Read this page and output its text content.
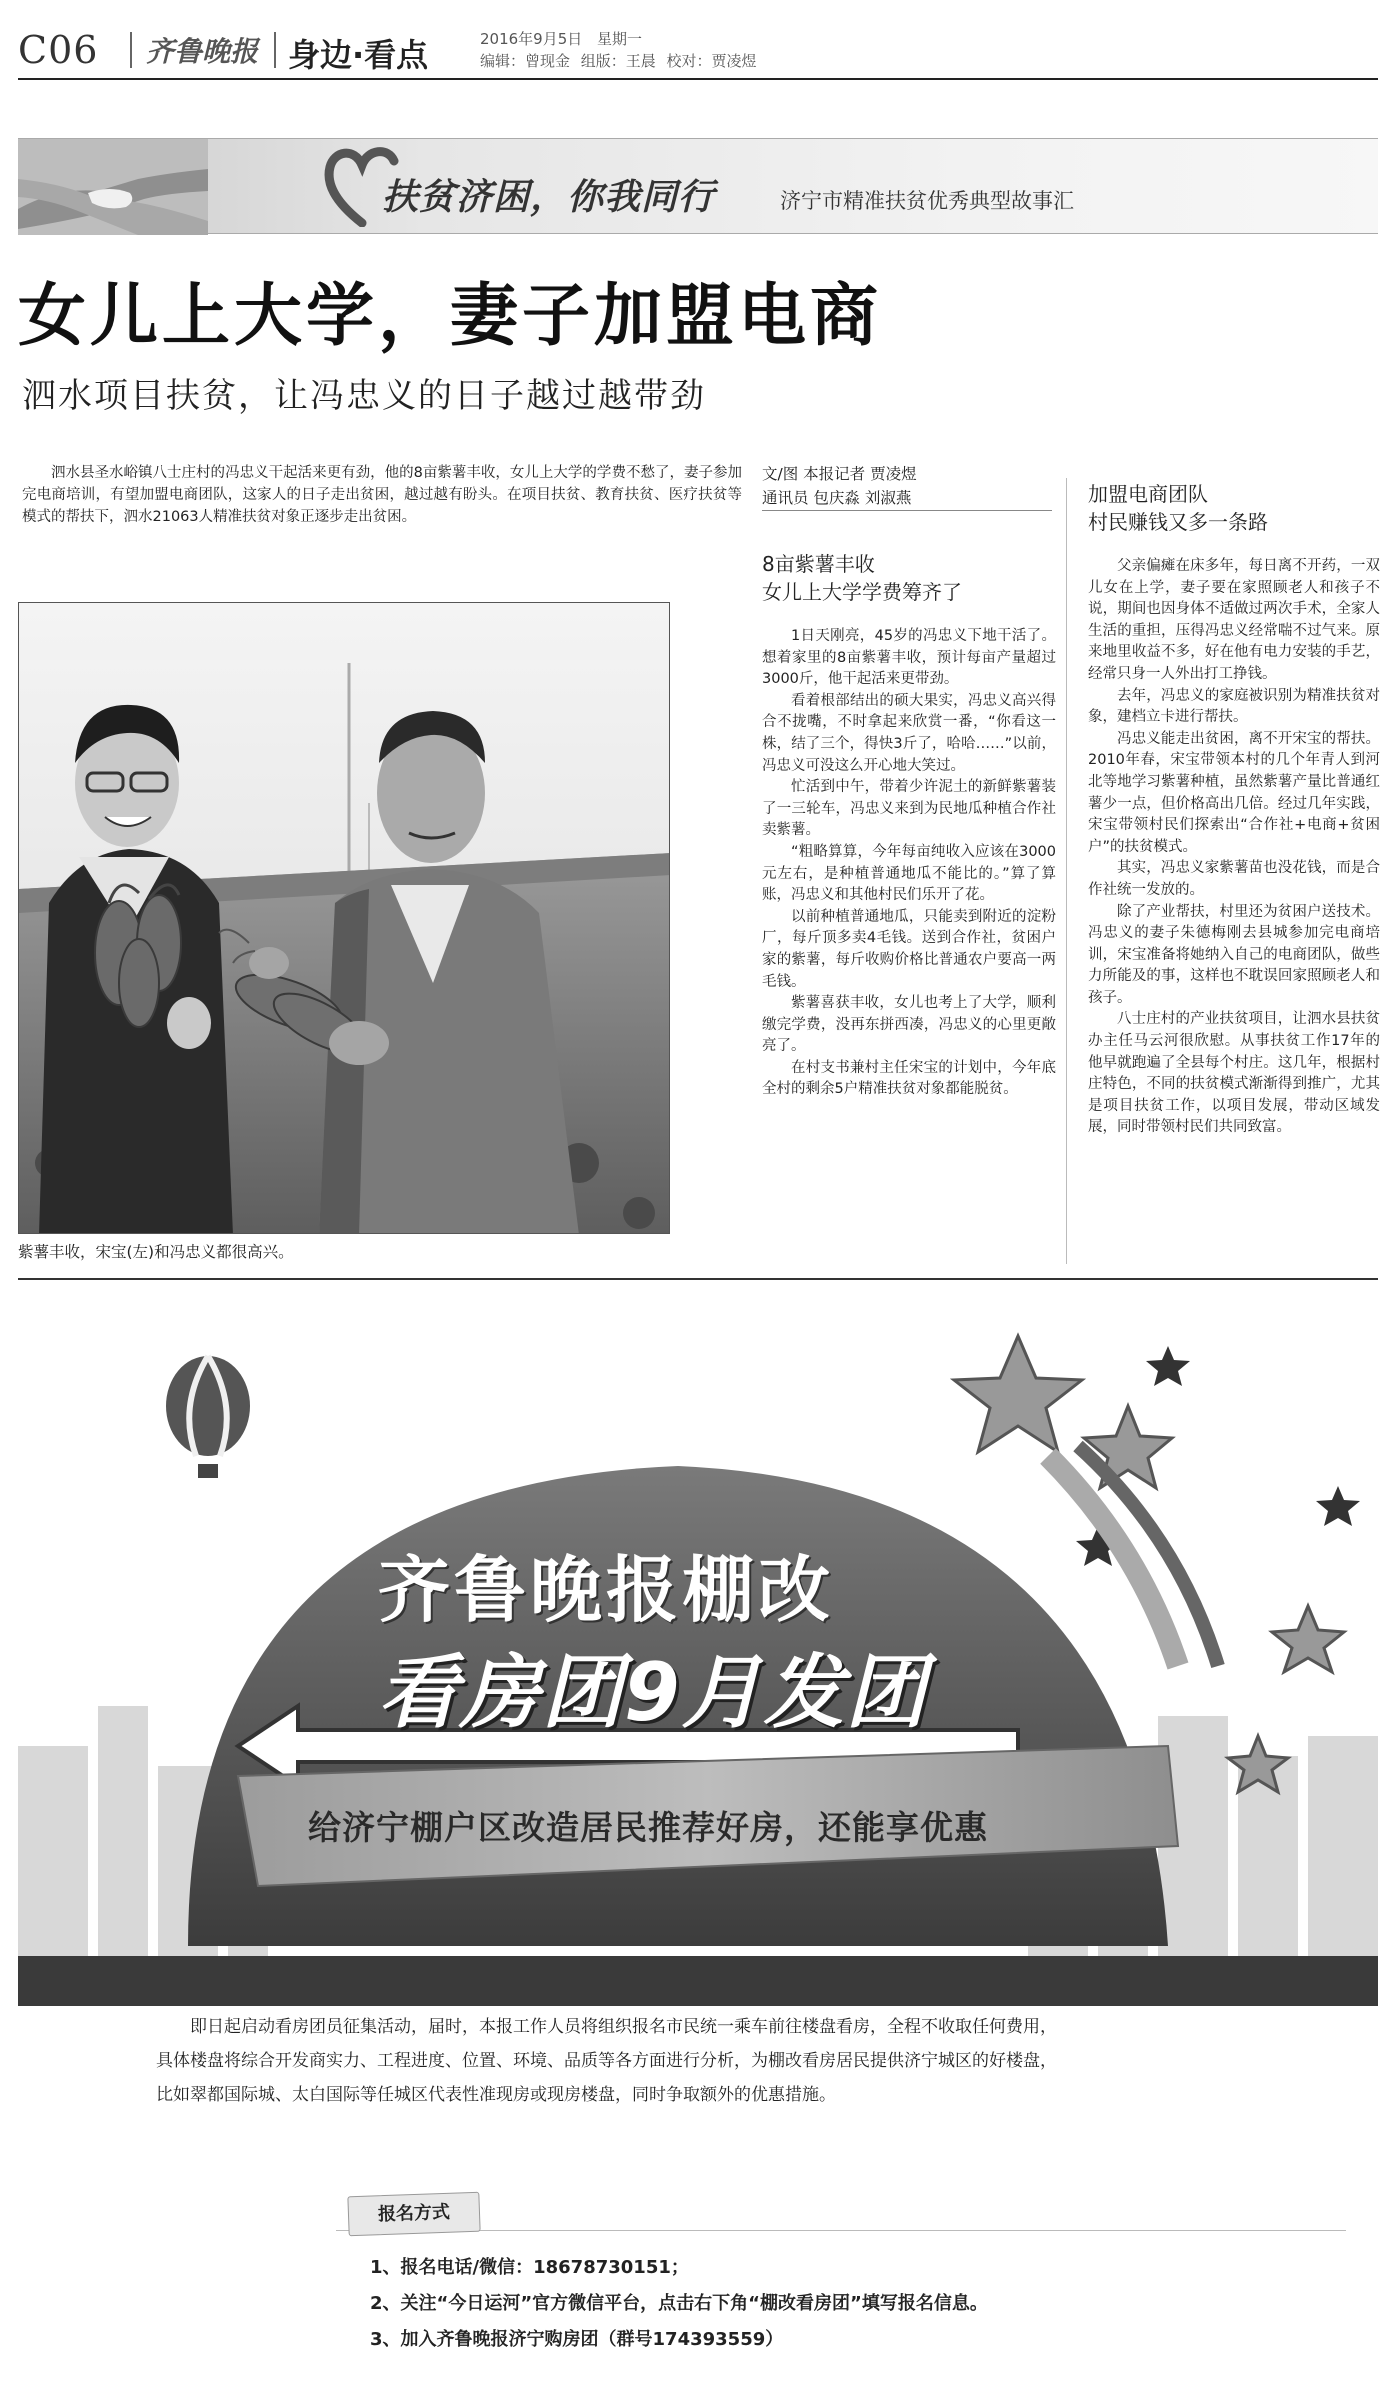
C06 齐鲁晚报 身边·看点	2016年9月5日 星期一
编辑：曾现金 组版：王晨 校对：贾凌煜
扶贫济困，你我同行	济宁市精准扶贫优秀典型故事汇
女儿上大学，妻子加盟电商
泗水项目扶贫，让冯忠义的日子越过越带劲

泗水县圣水峪镇八士庄村的冯忠义干起活来更有劲，他的8亩紫薯丰收，女儿上大学的学费不愁了，妻子参加完电商培训，有望加盟电商团队，这家人的日子走出贫困，越过越有盼头。在项目扶贫、教育扶贫、医疗扶贫等模式的帮扶下，泗水21063人精准扶贫对象正逐步走出贫困。

紫薯丰收，宋宝(左)和冯忠义都很高兴。
文/图 本报记者 贾凌煜
通讯员 包庆淼 刘淑燕
8亩紫薯丰收
女儿上大学学费筹齐了

1日天刚亮，45岁的冯忠义下地干活了。想着家里的8亩紫薯丰收，预计每亩产量超过3000斤，他干起活来更带劲。

看着根部结出的硕大果实，冯忠义高兴得合不拢嘴，不时拿起来欣赏一番，“你看这一株，结了三个，得快3斤了，哈哈……”以前，冯忠义可没这么开心地大笑过。

忙活到中午，带着少许泥土的新鲜紫薯装了一三轮车，冯忠义来到为民地瓜种植合作社卖紫薯。

“粗略算算，今年每亩纯收入应该在3000元左右，是种植普通地瓜不能比的。”算了算账，冯忠义和其他村民们乐开了花。

以前种植普通地瓜，只能卖到附近的淀粉厂，每斤顶多卖4毛钱。送到合作社，贫困户家的紫薯，每斤收购价格比普通农户要高一两毛钱。

紫薯喜获丰收，女儿也考上了大学，顺利缴完学费，没再东拼西凑，冯忠义的心里更敞亮了。

在村支书兼村主任宋宝的计划中，今年底全村的剩余5户精准扶贫对象都能脱贫。

加盟电商团队
村民赚钱又多一条路

父亲偏瘫在床多年，每日离不开药，一双儿女在上学，妻子要在家照顾老人和孩子不说，期间也因身体不适做过两次手术，全家人生活的重担，压得冯忠义经常喘不过气来。原来地里收益不多，好在他有电力安装的手艺，经常只身一人外出打工挣钱。

去年，冯忠义的家庭被识别为精准扶贫对象，建档立卡进行帮扶。

冯忠义能走出贫困，离不开宋宝的帮扶。2010年春，宋宝带领本村的几个年青人到河北等地学习紫薯种植，虽然紫薯产量比普通红薯少一点，但价格高出几倍。经过几年实践，宋宝带领村民们探索出“合作社+电商+贫困户”的扶贫模式。

其实，冯忠义家紫薯苗也没花钱，而是合作社统一发放的。

除了产业帮扶，村里还为贫困户送技术。冯忠义的妻子朱德梅刚去县城参加完电商培训，宋宝准备将她纳入自己的电商团队，做些力所能及的事，这样也不耽误回家照顾老人和孩子。

八士庄村的产业扶贫项目，让泗水县扶贫办主任马云河很欣慰。从事扶贫工作17年的他早就跑遍了全县每个村庄。这几年，根据村庄特色，不同的扶贫模式渐渐得到推广，尤其是项目扶贫工作，以项目发展，带动区域发展，同时带领村民们共同致富。

齐鲁晚报棚改
看房团9月发团
给济宁棚户区改造居民推荐好房，还能享优惠
即日起启动看房团员征集活动，届时，本报工作人员将组织报名市民统一乘车前往楼盘看房，全程不收取任何费用，
具体楼盘将综合开发商实力、工程进度、位置、环境、品质等各方面进行分析，为棚改看房居民提供济宁城区的好楼盘，
比如翠都国际城、太白国际等任城区代表性准现房或现房楼盘，同时争取额外的优惠措施。
报名方式
1、报名电话/微信：18678730151；
2、关注“今日运河”官方微信平台，点击右下角“棚改看房团”填写报名信息。
3、加入齐鲁晚报济宁购房团（群号174393559）
